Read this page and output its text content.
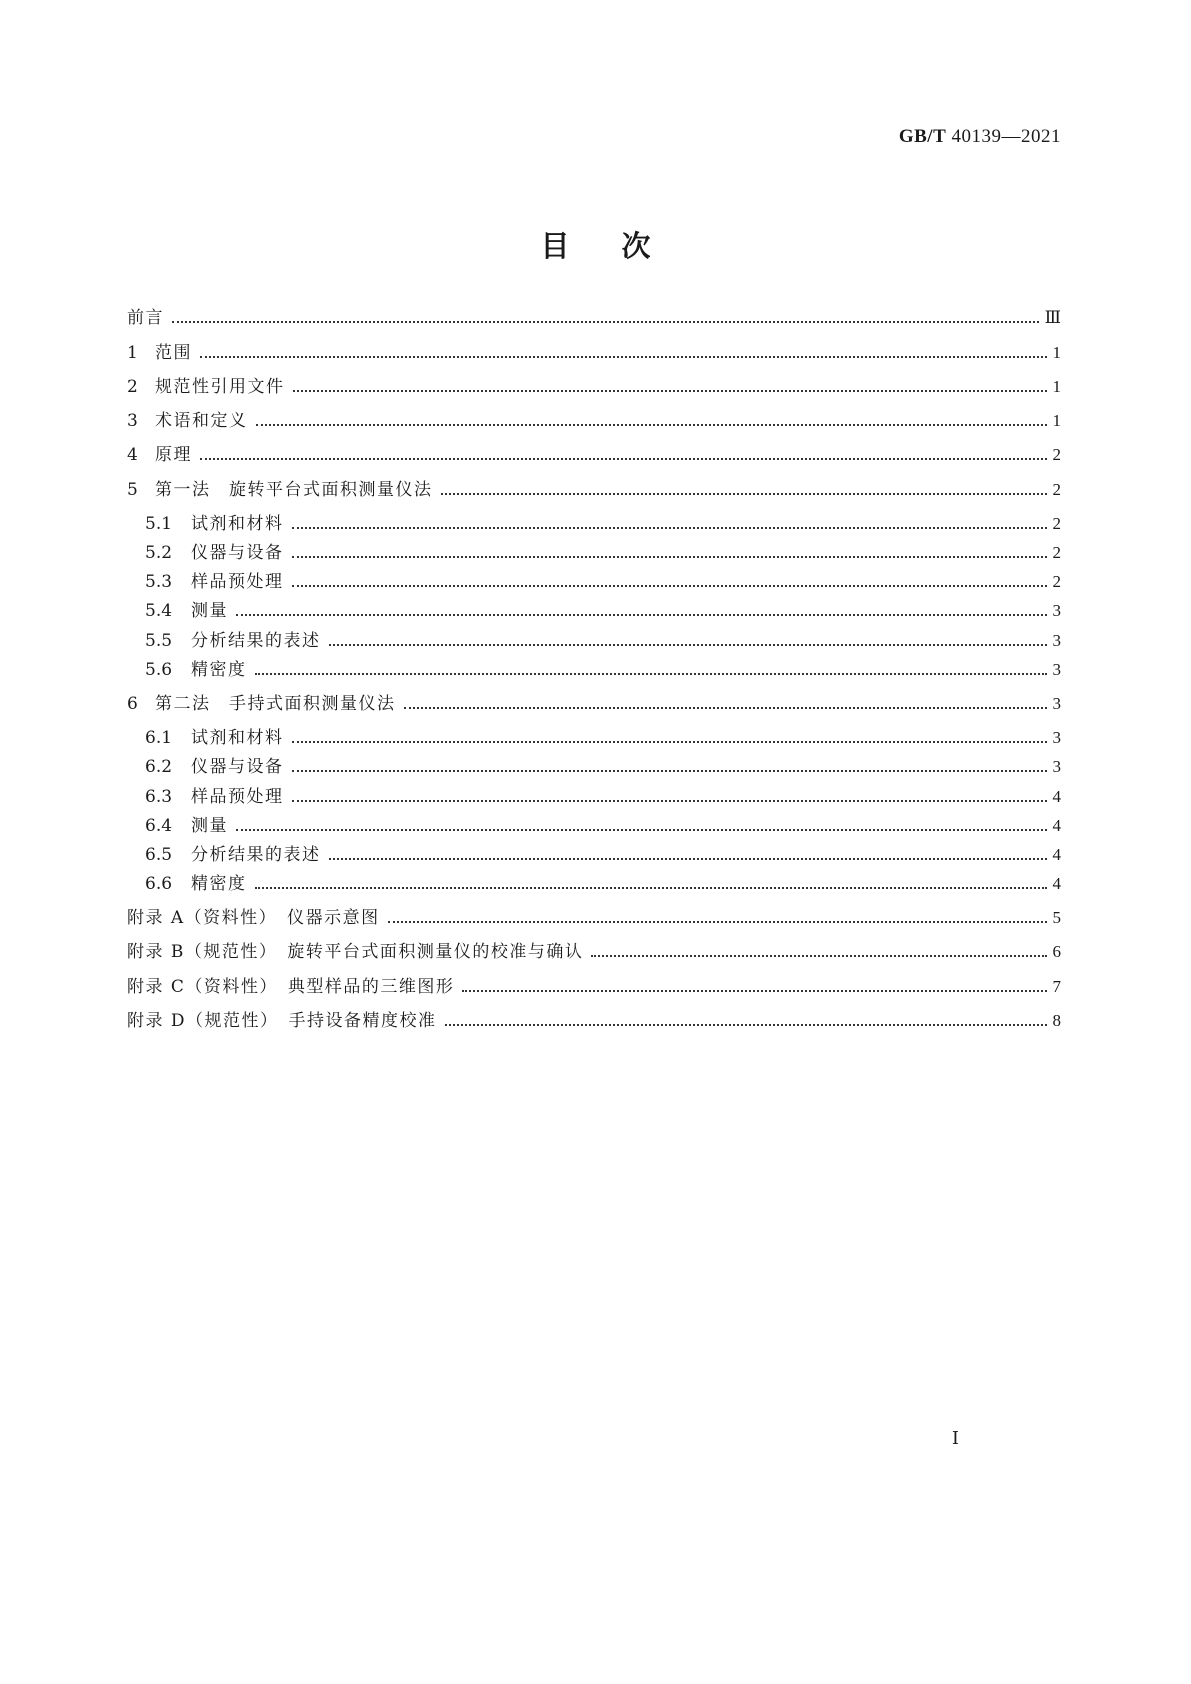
GB/T 40139—2021
目次
前言	Ⅲ
1	范围	1
2	规范性引用文件	1
3	术语和定义	1
4	原理	2
5	第一法　旋转平台式面积测量仪法	2
5.1	试剂和材料	2
5.2	仪器与设备	2
5.3	样品预处理	2
5.4	测量	3
5.5	分析结果的表述	3
5.6	精密度	3
6	第二法　手持式面积测量仪法	3
6.1	试剂和材料	3
6.2	仪器与设备	3
6.3	样品预处理	4
6.4	测量	4
6.5	分析结果的表述	4
6.6	精密度	4
附录 A（资料性）　仪器示意图	5
附录 B（规范性）　旋转平台式面积测量仪的校准与确认	6
附录 C（资料性）　典型样品的三维图形	7
附录 D（规范性）　手持设备精度校准	8
Ⅰ
